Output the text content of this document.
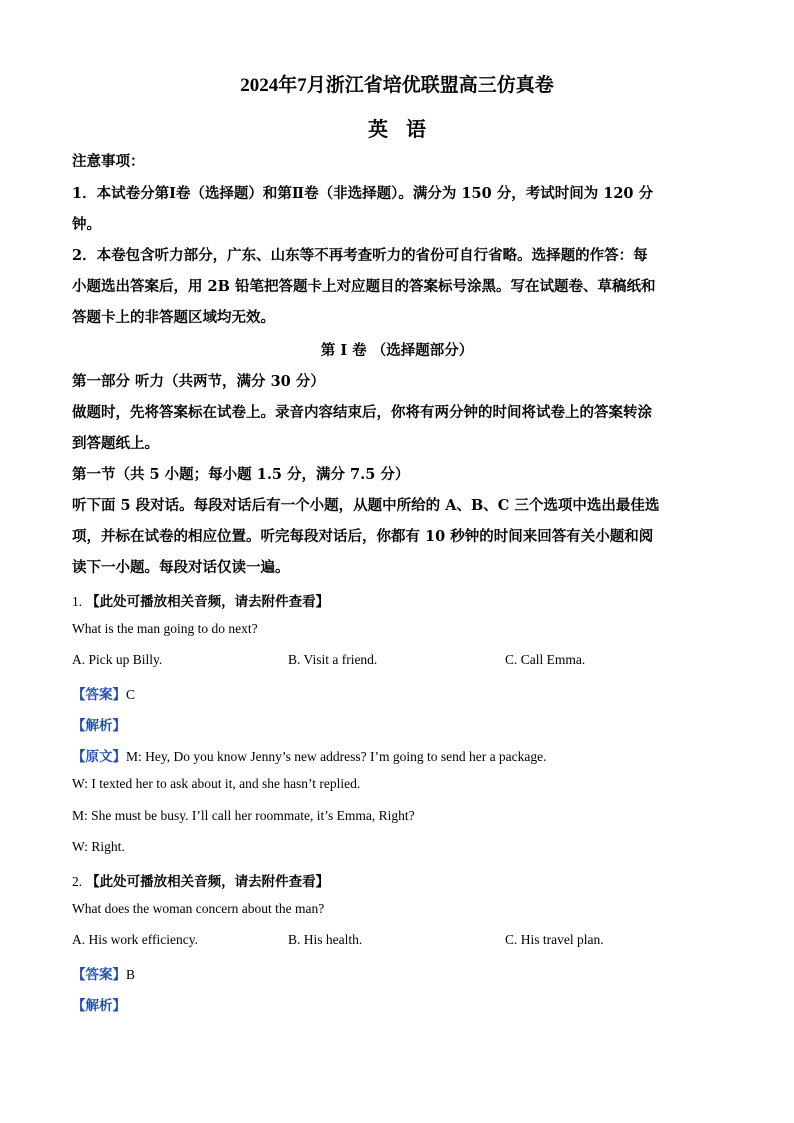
2024年7月浙江省培优联盟高三仿真卷
英语
注意事项：
1．本试卷分第Ⅰ卷（选择题）和第Ⅱ卷（非选择题）。满分为 150 分，考试时间为 120 分
钟。
2．本卷包含听力部分，广东、山东等不再考查听力的省份可自行省略。选择题的作答：每
小题选出答案后，用 2B 铅笔把答题卡上对应题目的答案标号涂黑。写在试题卷、草稿纸和
答题卡上的非答题区域均无效。
第 Ⅰ 卷 （选择题部分）
第一部分 听力（共两节，满分 30 分）
做题时，先将答案标在试卷上。录音内容结束后，你将有两分钟的时间将试卷上的答案转涂
到答题纸上。
第一节（共 5 小题；每小题 1.5 分，满分 7.5 分）
听下面 5 段对话。每段对话后有一个小题，从题中所给的 A、B、C 三个选项中选出最佳选
项，并标在试卷的相应位置。听完每段对话后，你都有 10 秒钟的时间来回答有关小题和阅
读下一小题。每段对话仅读一遍。
1. 【此处可播放相关音频，请去附件查看】
What is the man going to do next?
A. Pick up Billy.	B. Visit a friend.	C. Call Emma.
【答案】C
【解析】
【原文】M: Hey, Do you know Jenny’s new address? I’m going to send her a package.
W: I texted her to ask about it, and she hasn’t replied.
M: She must be busy. I’ll call her roommate, it’s Emma, Right?
W: Right.
2. 【此处可播放相关音频，请去附件查看】
What does the woman concern about the man?
A. His work efficiency.	B. His health.	C. His travel plan.
【答案】B
【解析】
